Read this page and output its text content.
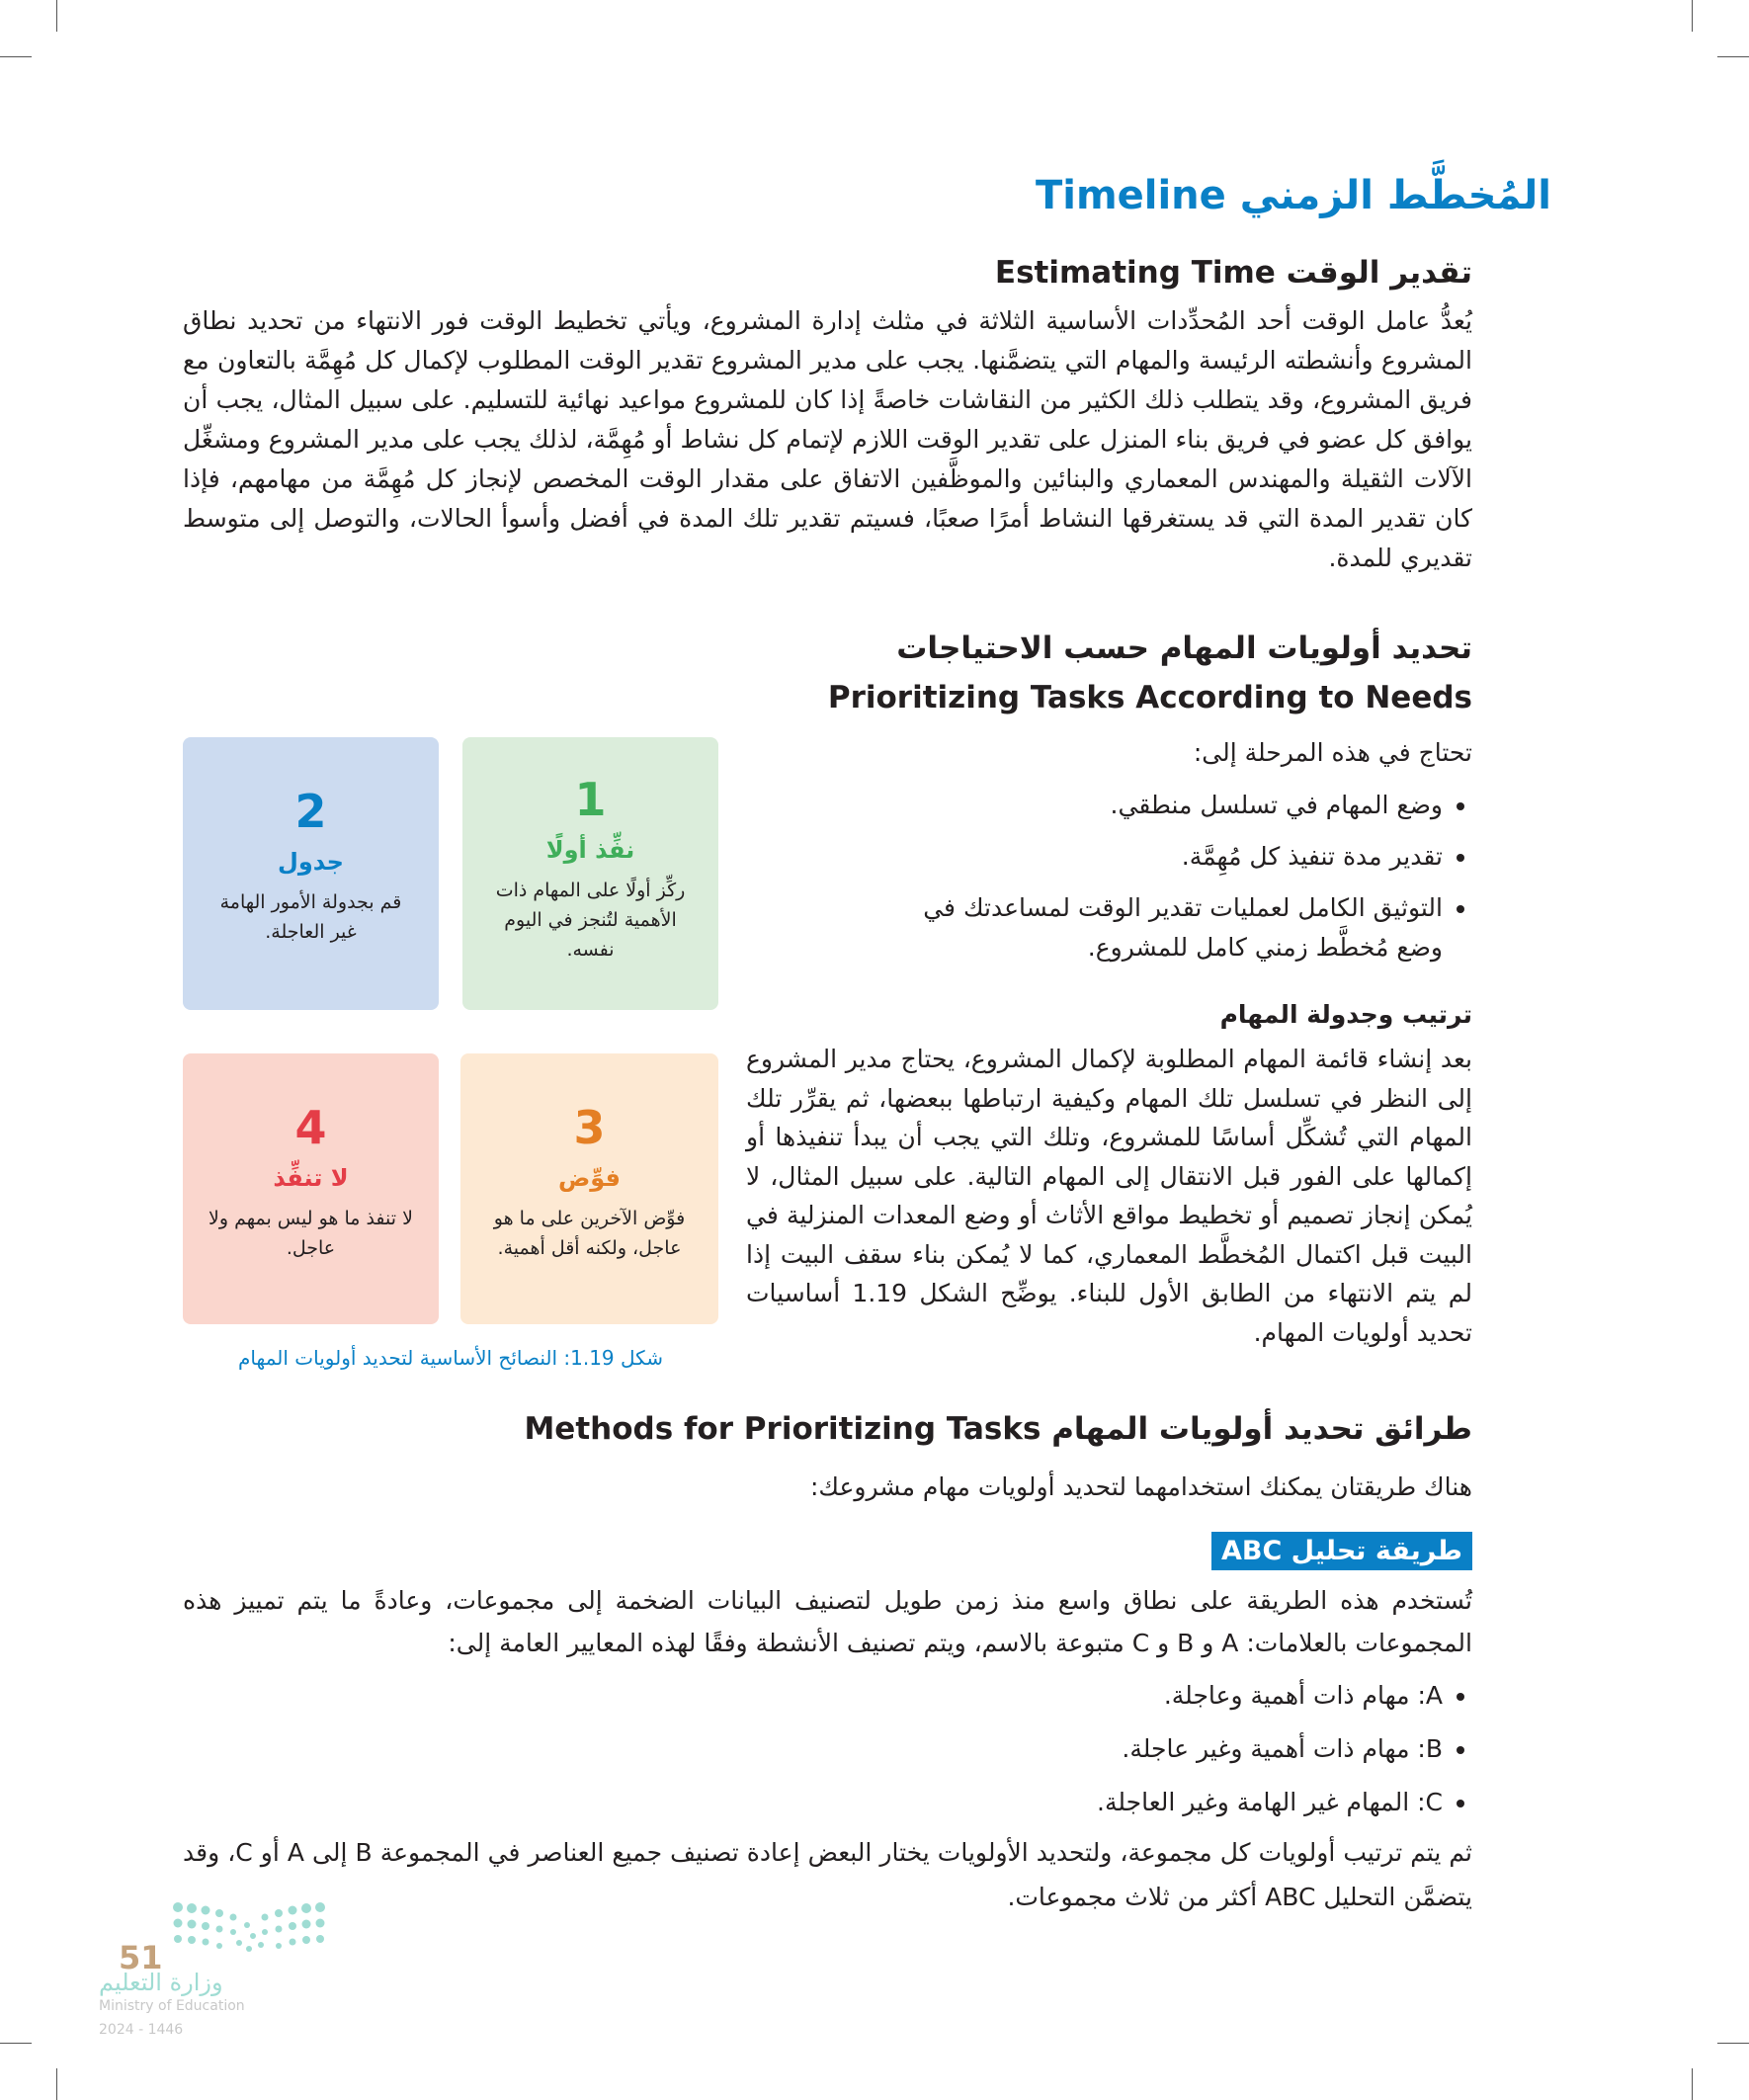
المُخطَّط الزمني Timeline
تقدير الوقت Estimating Time

يُعدُّ عامل الوقت أحد المُحدِّدات الأساسية الثلاثة في مثلث إدارة المشروع، ويأتي تخطيط الوقت فور الانتهاء من تحديد نطاق المشروع وأنشطته الرئيسة والمهام التي يتضمَّنها. يجب على مدير المشروع تقدير الوقت المطلوب لإكمال كل مُهِمَّة بالتعاون مع فريق المشروع، وقد يتطلب ذلك الكثير من النقاشات خاصةً إذا كان للمشروع مواعيد نهائية للتسليم. على سبيل المثال، يجب أن يوافق كل عضو في فريق بناء المنزل على تقدير الوقت اللازم لإتمام كل نشاط أو مُهِمَّة، لذلك يجب على مدير المشروع ومشغِّل الآلات الثقيلة والمهندس المعماري والبنائين والموظَّفين الاتفاق على مقدار الوقت المخصص لإنجاز كل مُهِمَّة من مهامهم، فإذا كان تقدير المدة التي قد يستغرقها النشاط أمرًا صعبًا، فسيتم تقدير تلك المدة في أفضل وأسوأ الحالات، والتوصل إلى متوسط تقديري للمدة.

تحديد أولويات المهام حسب الاحتياجات
Prioritizing Tasks According to Needs
تحتاج في هذه المرحلة إلى:
• وضع المهام في تسلسل منطقي.
• تقدير مدة تنفيذ كل مُهِمَّة.
• التوثيق الكامل لعمليات تقدير الوقت لمساعدتك في وضع مُخطَّط زمني كامل للمشروع.
1
نفِّذ أولًا
ركِّز أولًا على المهام ذات الأهمية لتُنجز في اليوم نفسه.
2
جدول
قم بجدولة الأمور الهامة غير العاجلة.
3
فوِّض
فوِّض الآخرين على ما هو عاجل، ولكنه أقل أهمية.
4
لا تنفِّذ
لا تنفذ ما هو ليس بمهم ولا عاجل.
شكل 1.19: النصائح الأساسية لتحديد أولويات المهام
ترتيب وجدولة المهام

بعد إنشاء قائمة المهام المطلوبة لإكمال المشروع، يحتاج مدير المشروع إلى النظر في تسلسل تلك المهام وكيفية ارتباطها ببعضها، ثم يقرِّر تلك المهام التي تُشكِّل أساسًا للمشروع، وتلك التي يجب أن يبدأ تنفيذها أو إكمالها على الفور قبل الانتقال إلى المهام التالية. على سبيل المثال، لا يُمكن إنجاز تصميم أو تخطيط مواقع الأثاث أو وضع المعدات المنزلية في البيت قبل اكتمال المُخطَّط المعماري، كما لا يُمكن بناء سقف البيت إذا لم يتم الانتهاء من الطابق الأول للبناء. يوضِّح الشكل 1.19 أساسيات تحديد أولويات المهام.

طرائق تحديد أولويات المهام Methods for Prioritizing Tasks
هناك طريقتان يمكنك استخدامهما لتحديد أولويات مهام مشروعك:
طريقة تحليل ABC

تُستخدم هذه الطريقة على نطاق واسع منذ زمن طويل لتصنيف البيانات الضخمة إلى مجموعات، وعادةً ما يتم تمييز هذه المجموعات بالعلامات: A و B و C متبوعة بالاسم، ويتم تصنيف الأنشطة وفقًا لهذه المعايير العامة إلى:

• A: مهام ذات أهمية وعاجلة.
• B: مهام ذات أهمية وغير عاجلة.
• C: المهام غير الهامة وغير العاجلة.

ثم يتم ترتيب أولويات كل مجموعة، ولتحديد الأولويات يختار البعض إعادة تصنيف جميع العناصر في المجموعة B إلى A أو C، وقد يتضمَّن التحليل ABC أكثر من ثلاث مجموعات.

51
وزارة التعليم
Ministry of Education
2024 - 1446
